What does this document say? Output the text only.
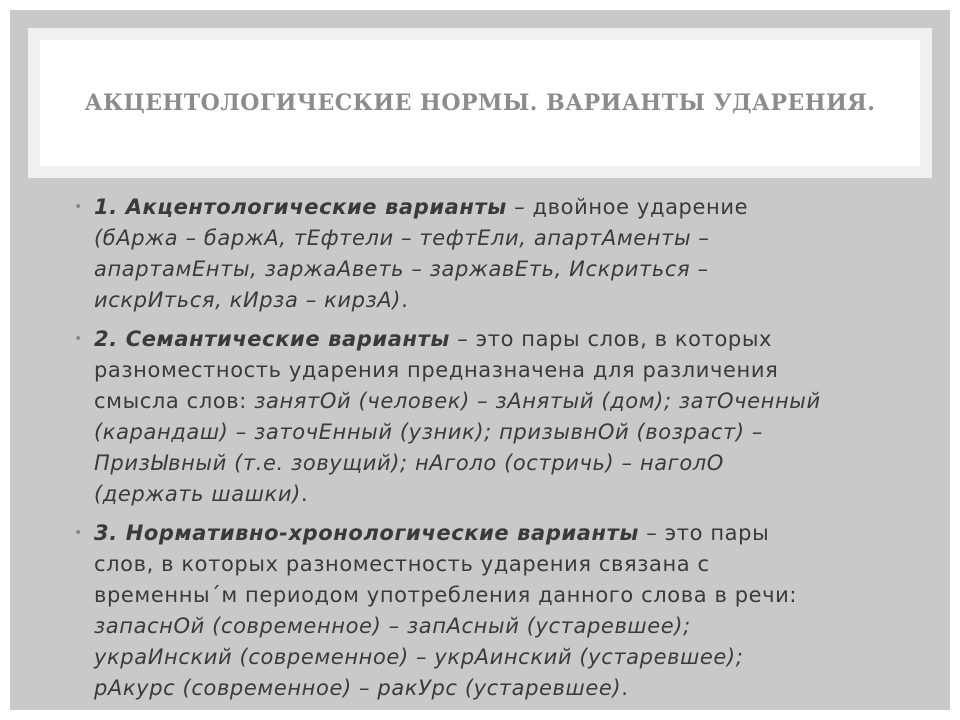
АКЦЕНТОЛОГИЧЕСКИЕ НОРМЫ. ВАРИАНТЫ УДАРЕНИЯ.

• 1. Акцентологические варианты – двойное ударение (бАржа – баржА, тЕфтели – тефтЕли, апартАменты – апартамЕнты, заржаАветь – заржавЕть, Искриться – искрИться, кИрза – кирзА).

• 2. Семантические варианты – это пары слов, в которых разноместность ударения предназначена для различения смысла слов: занятОй (человек) – зАнятый (дом); затОченный (карандаш) – заточЕнный (узник); призывнОй (возраст) – ПризЫвный (т.е. зовущий); нАголо (остричь) – наголО (держать шашки).

• 3. Нормативно-хронологические варианты – это пары слов, в которых разноместность ударения связана с временны´м периодом употребления данного слова в речи: запаснОй (современное) – запАсный (устаревшее); украИнский (современное) – укрАинский (устаревшее); рАкурс (современное) – ракУрс (устаревшее).
